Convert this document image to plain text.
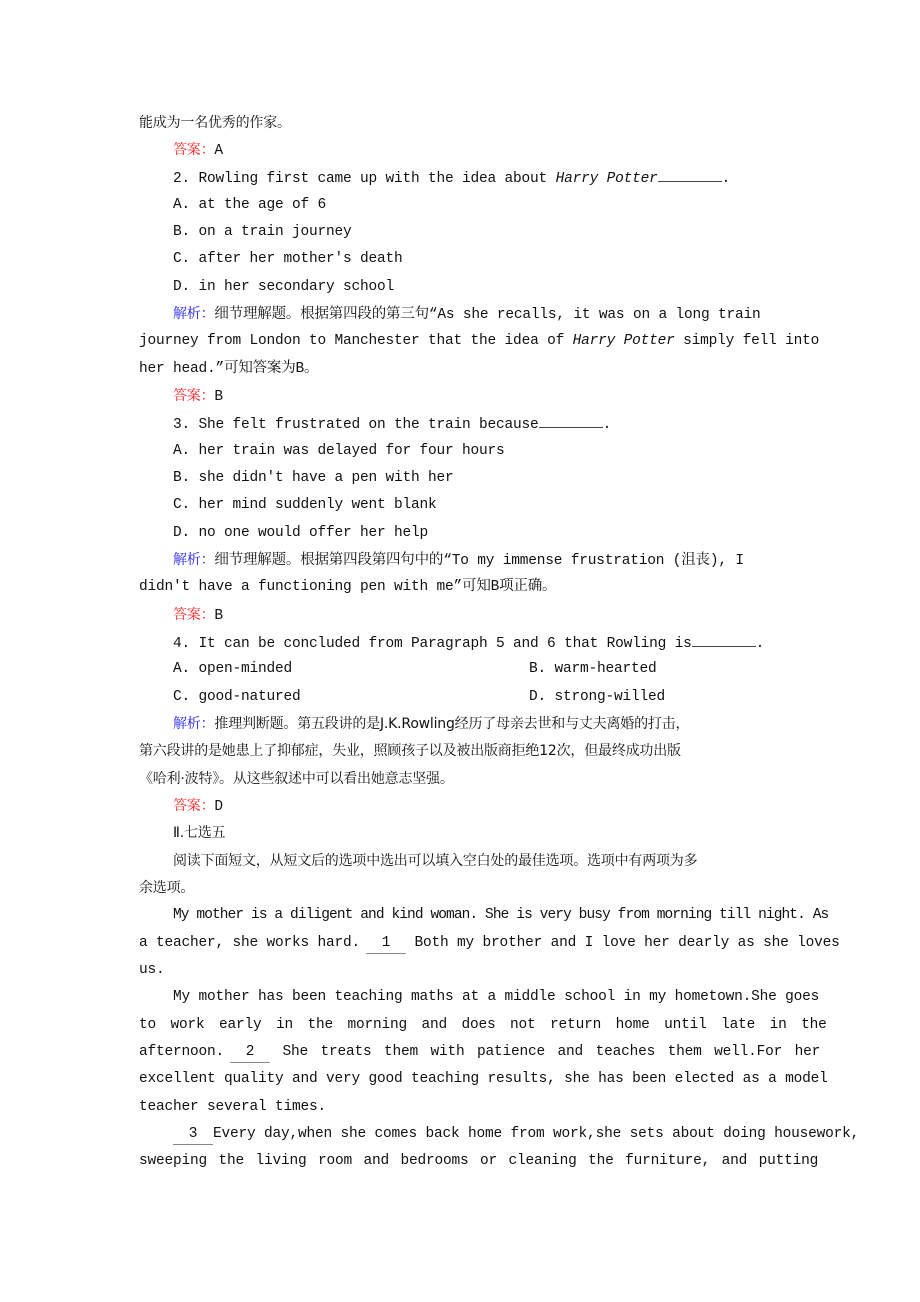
能成为一名优秀的作家。
答案：A
2. Rowling first came up with the idea about Harry Potter	.
A. at the age of 6
B. on a train journey
C. after her mother's death
D. in her secondary school
解析：细节理解题。根据第四段的第三句“As she recalls, it was on a long train
journey from London to Manchester that the idea of Harry Potter simply fell into
her head.”可知答案为B。
答案：B
3. She felt frustrated on the train because	.
A. her train was delayed for four hours
B. she didn't have a pen with her
C. her mind suddenly went blank
D. no one would offer her help
解析：细节理解题。根据第四段第四句中的“To my immense frustration (沮丧), I
didn't have a functioning pen with me”可知B项正确。
答案：B
4. It can be concluded from Paragraph 5 and 6 that Rowling is	.
A. open-minded	B. warm-hearted
C. good-natured	D. strong-willed
解析：推理判断题。第五段讲的是J.K.Rowling经历了母亲去世和与丈夫离婚的打击，
第六段讲的是她患上了抑郁症，失业，照顾孩子以及被出版商拒绝12次，但最终成功出版
《哈利·波特》。从这些叙述中可以看出她意志坚强。
答案：D
Ⅱ.七选五
阅读下面短文，从短文后的选项中选出可以填入空白处的最佳选项。选项中有两项为多
余选项。
My mother is a diligent and kind woman. She is very busy from morning till night. As
a teacher, she works hard. 1 Both my brother and I love her dearly as she loves
us.
My mother has been teaching maths at a middle school in my hometown.She goes
to work early in the morning and does not return home until late in the
afternoon. 2 She treats them with patience and teaches them well.For her
excellent quality and very good teaching results, she has been elected as a model
teacher several times.
3 Every day,when she comes back home from work,she sets about doing housework,
sweeping the living room and bedrooms or cleaning the furniture, and putting
